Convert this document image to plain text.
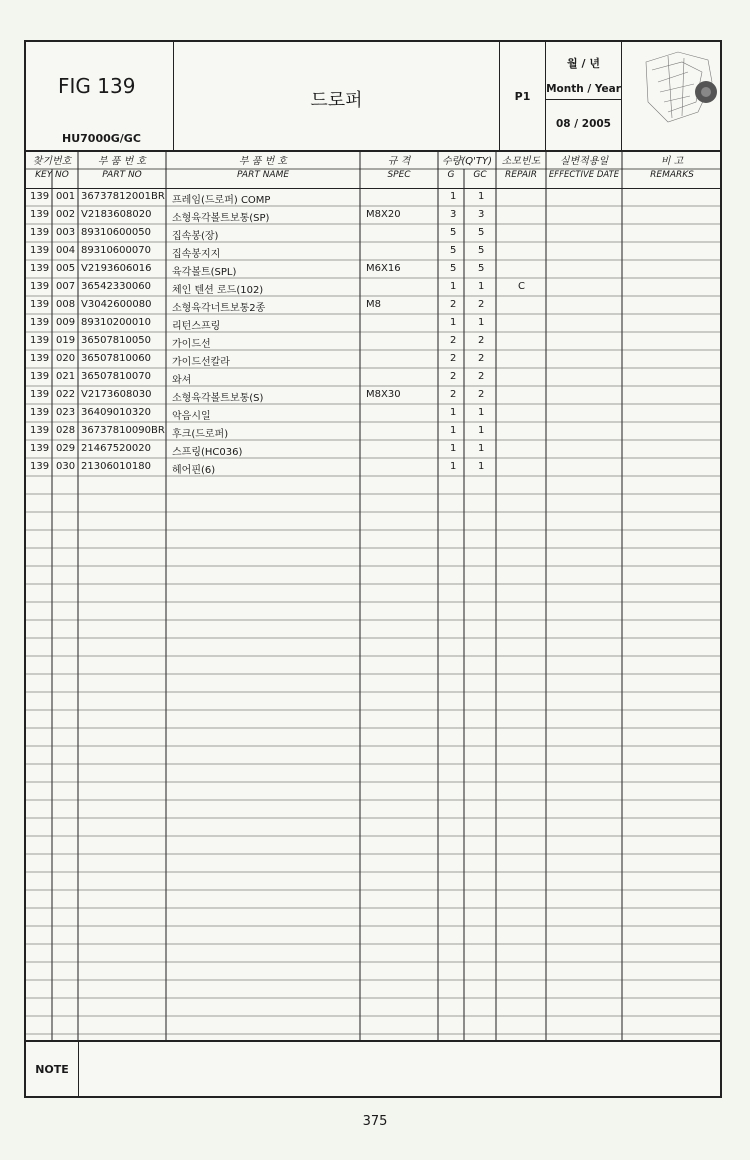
FIG 139
HU7000G/GC
드로퍼	P1
월 / 년
Month / Year
08 / 2005
찾기번호
KEY NO
부 품 번 호
PART NO
부 품 번 호
PART NAME
규 격
SPEC
수량(Q'TY)
G	GC
소모빈도
REPAIR
실변적용일
EFFECTIVE DATE
비 고
REMARKS
139 001 36737812001BR 프레임(드로퍼) COMP	1 1
139 002 V2183608020 소형육각볼트보통(SP)	M8X20	3 3
139 003 89310600050 집속봉(장)	5 5
139 004 89310600070 집속봉지지	5 5
139 005 V2193606016 육각볼트(SPL)	M6X16	5 5
139 007 36542330060 체인 텐션 로드(102)	1 1	C
139 008 V3042600080 소형육각너트보통2종	M8	2 2
139 009 89310200010 리턴스프링	1 1
139 019 36507810050 가이드선	2 2
139 020 36507810060 가이드선칼라	2 2
139 021 36507810070 와셔	2 2
139 022 V2173608030 소형육각볼트보통(S)	M8X30	2 2
139 023 36409010320 악음시일	1 1
139 028 36737810090BR 후크(드로퍼)	1 1
139 029 21467520020 스프링(HC036)	1 1
139 030 21306010180 헤어핀(6)	1 1
NOTE
375
